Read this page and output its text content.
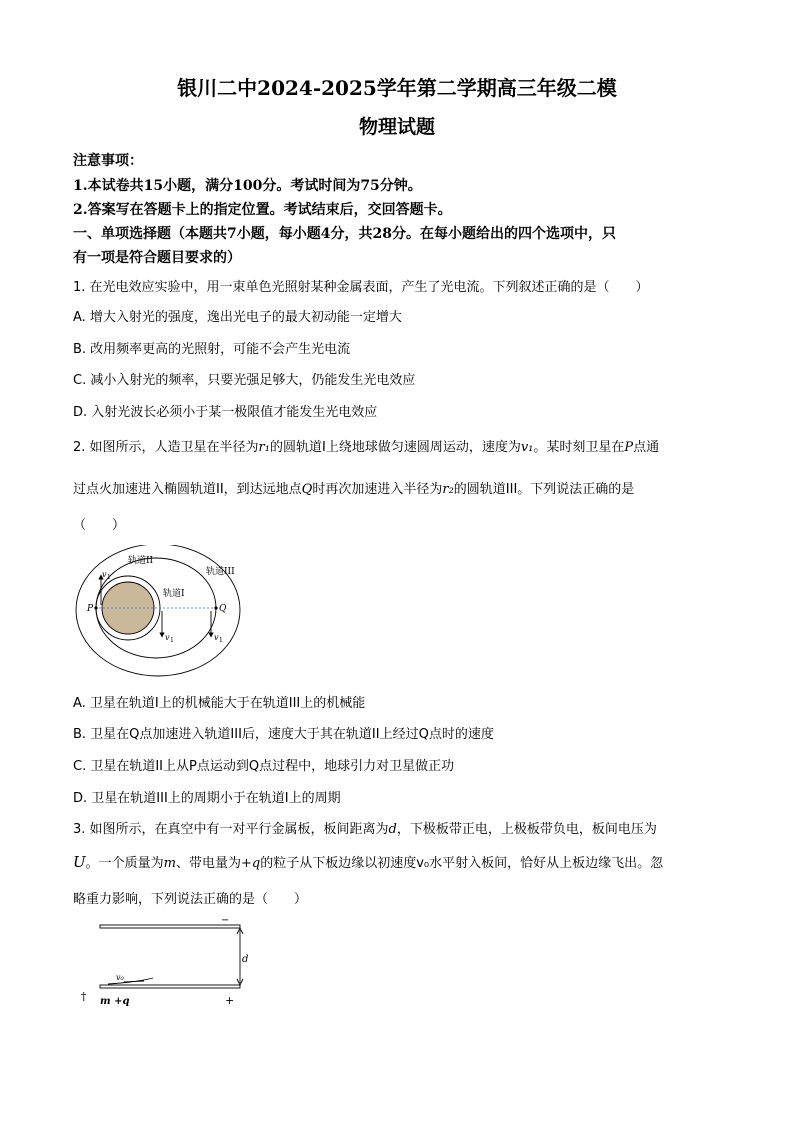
银川二中2024-2025学年第二学期高三年级二模
物理试题
注意事项：
1.本试卷共15小题，满分100分。考试时间为75分钟。
2.答案写在答题卡上的指定位置。考试结束后，交回答题卡。
一、单项选择题（本题共7小题，每小题4分，共28分。在每小题给出的四个选项中，只
有一项是符合题目要求的）
1. 在光电效应实验中，用一束单色光照射某种金属表面，产生了光电流。下列叙述正确的是（　　）
A. 增大入射光的强度，逸出光电子的最大初动能一定增大
B. 改用频率更高的光照射，可能不会产生光电流
C. 减小入射光的频率，只要光强足够大，仍能发生光电效应
D. 入射光波长必须小于某一极限值才能发生光电效应
2. 如图所示，人造卫星在半径为r₁的圆轨道I上绕地球做匀速圆周运动，速度为v₁。某时刻卫星在P点通
过点火加速进入椭圆轨道II，到达远地点Q时再次加速进入半径为r₂的圆轨道III。下列说法正确的是
（　　）
轨道II
轨道III
轨道I
P	Q
v 1
v 1	v 1
A. 卫星在轨道I上的机械能大于在轨道III上的机械能
B. 卫星在Q点加速进入轨道III后，速度大于其在轨道II上经过Q点时的速度
C. 卫星在轨道II上从P点运动到Q点过程中，地球引力对卫星做正功
D. 卫星在轨道III上的周期小于在轨道I上的周期
3. 如图所示，在真空中有一对平行金属板，板间距离为d，下极板带正电，上极板带负电，板间电压为
U。一个质量为m、带电量为+q的粒子从下板边缘以初速度v₀水平射入板间，恰好从上板边缘飞出。忽
略重力影响，下列说法正确的是（　　）
−
d
v₀
+
m +q
†
